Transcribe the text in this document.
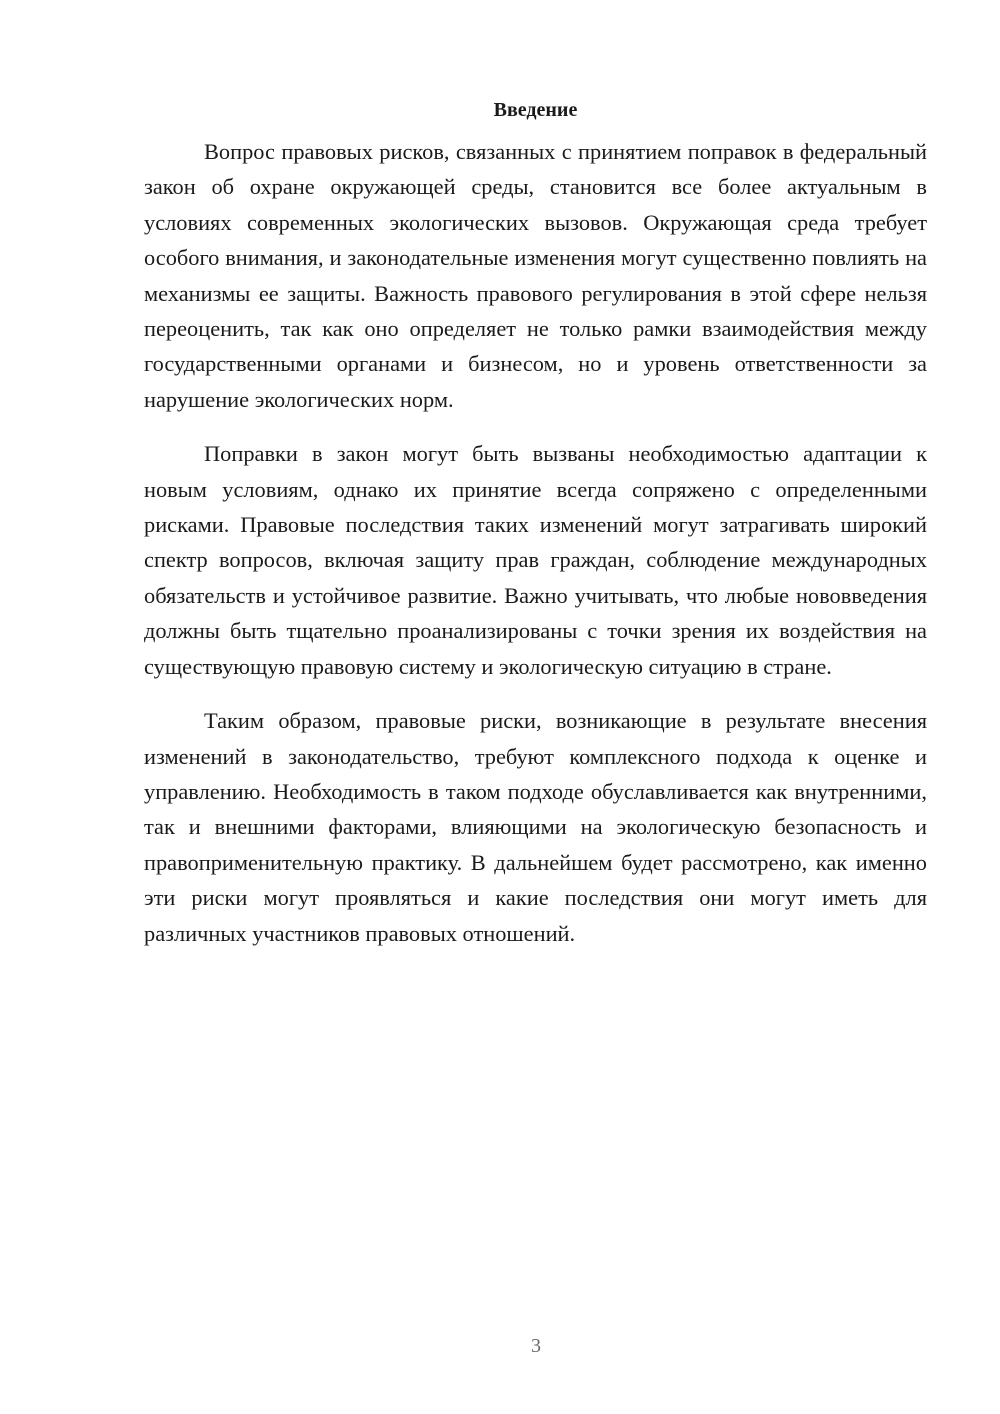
Введение

Вопрос правовых рисков, связанных с принятием поправок в федеральный закон об охране окружающей среды, становится все более актуальным в условиях современных экологических вызовов. Окружающая среда требует особого внимания, и законодательные изменения могут существенно повлиять на механизмы ее защиты. Важность правового регулирования в этой сфере нельзя переоценить, так как оно определяет не только рамки взаимодействия между государственными органами и бизнесом, но и уровень ответственности за нарушение экологических норм.

Поправки в закон могут быть вызваны необходимостью адаптации к новым условиям, однако их принятие всегда сопряжено с определенными рисками. Правовые последствия таких изменений могут затрагивать широкий спектр вопросов, включая защиту прав граждан, соблюдение международных обязательств и устойчивое развитие. Важно учитывать, что любые нововведения должны быть тщательно проанализированы с точки зрения их воздействия на существующую правовую систему и экологическую ситуацию в стране.

Таким образом, правовые риски, возникающие в результате внесения изменений в законодательство, требуют комплексного подхода к оценке и управлению. Необходимость в таком подходе обуславливается как внутренними, так и внешними факторами, влияющими на экологическую безопасность и правоприменительную практику. В дальнейшем будет рассмотрено, как именно эти риски могут проявляться и какие последствия они могут иметь для различных участников правовых отношений.

3
